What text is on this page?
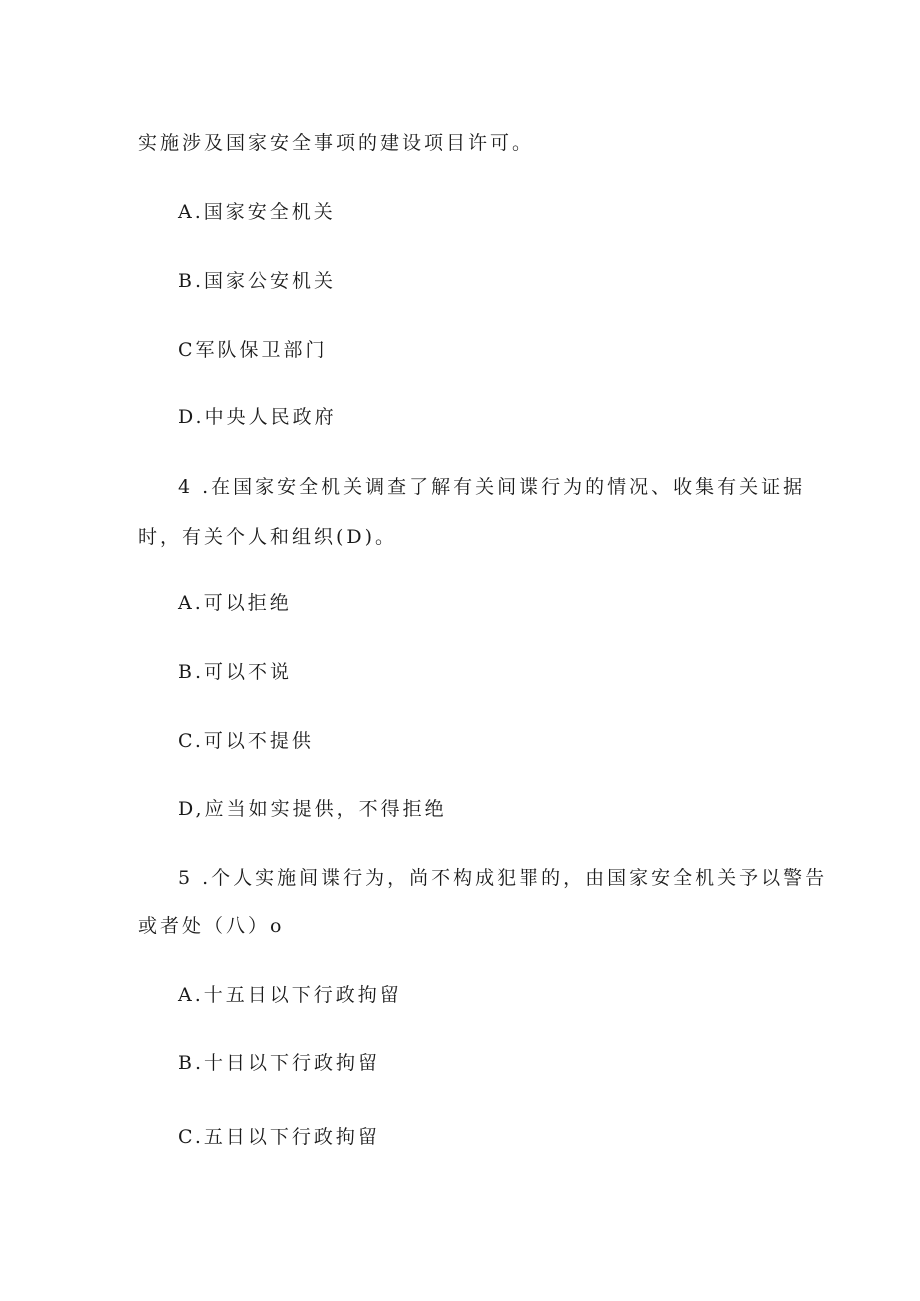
实施涉及国家安全事项的建设项目许可。
A.国家安全机关
B.国家公安机关
C军队保卫部门
D.中央人民政府
4 .在国家安全机关调查了解有关间谍行为的情况、收集有关证据
时，有关个人和组织(D)。
A.可以拒绝
B.可以不说
C.可以不提供
D,应当如实提供，不得拒绝
5 .个人实施间谍行为，尚不构成犯罪的，由国家安全机关予以警告
或者处（八）o
A.十五日以下行政拘留
B.十日以下行政拘留
C.五日以下行政拘留
